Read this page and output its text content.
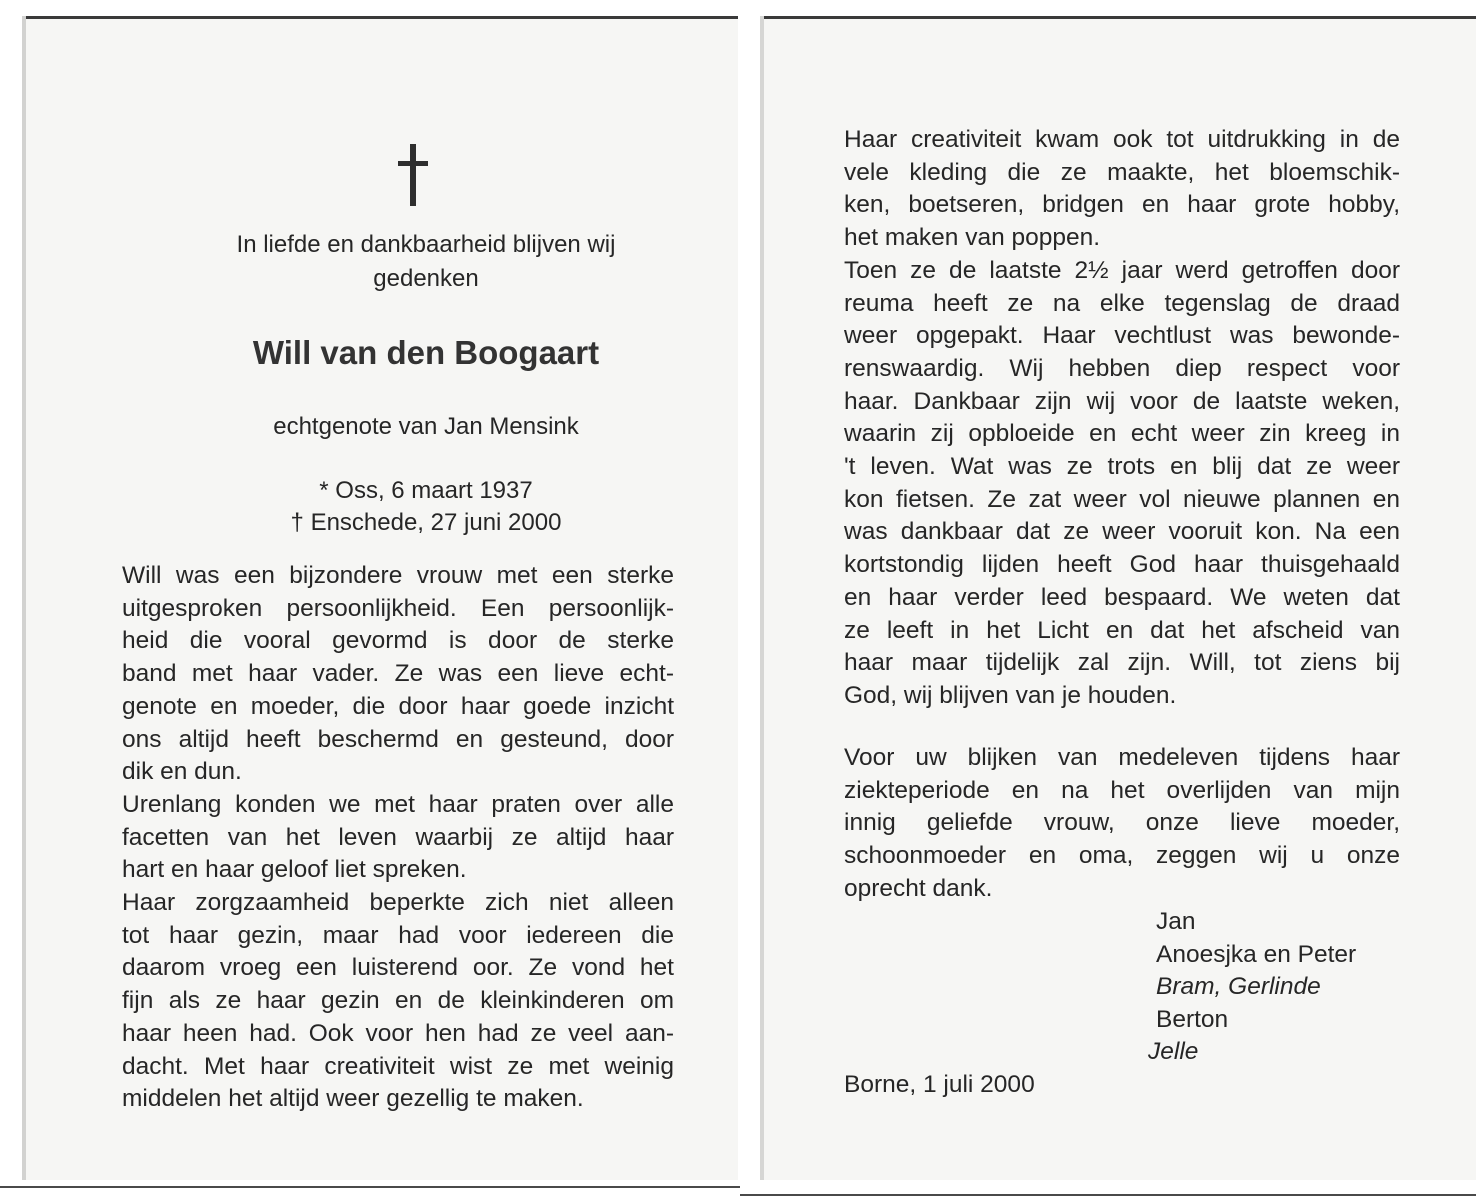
In liefde en dankbaarheid blijven wij
gedenken
Will van den Boogaart
echtgenote van Jan Mensink
* Oss, 6 maart 1937
† Enschede, 27 juni 2000
Will was een bijzondere vrouw met een sterke
uitgesproken persoonlijkheid. Een persoonlijk-
heid die vooral gevormd is door de sterke
band met haar vader. Ze was een lieve echt-
genote en moeder, die door haar goede inzicht
ons altijd heeft beschermd en gesteund, door
dik en dun.
Urenlang konden we met haar praten over alle
facetten van het leven waarbij ze altijd haar
hart en haar geloof liet spreken.
Haar zorgzaamheid beperkte zich niet alleen
tot haar gezin, maar had voor iedereen die
daarom vroeg een luisterend oor. Ze vond het
fijn als ze haar gezin en de kleinkinderen om
haar heen had. Ook voor hen had ze veel aan-
dacht. Met haar creativiteit wist ze met weinig
middelen het altijd weer gezellig te maken.
Haar creativiteit kwam ook tot uitdrukking in de
vele kleding die ze maakte, het bloemschik-
ken, boetseren, bridgen en haar grote hobby,
het maken van poppen.
Toen ze de laatste 2½ jaar werd getroffen door
reuma heeft ze na elke tegenslag de draad
weer opgepakt. Haar vechtlust was bewonde-
renswaardig. Wij hebben diep respect voor
haar. Dankbaar zijn wij voor de laatste weken,
waarin zij opbloeide en echt weer zin kreeg in
't leven. Wat was ze trots en blij dat ze weer
kon fietsen. Ze zat weer vol nieuwe plannen en
was dankbaar dat ze weer vooruit kon. Na een
kortstondig lijden heeft God haar thuisgehaald
en haar verder leed bespaard. We weten dat
ze leeft in het Licht en dat het afscheid van
haar maar tijdelijk zal zijn. Will, tot ziens bij
God, wij blijven van je houden.
Voor uw blijken van medeleven tijdens haar
ziekteperiode en na het overlijden van mijn
innig geliefde vrouw, onze lieve moeder,
schoonmoeder en oma, zeggen wij u onze
oprecht dank.
Jan
Anoesjka en Peter
Bram, Gerlinde
Berton
Jelle
Borne, 1 juli 2000
